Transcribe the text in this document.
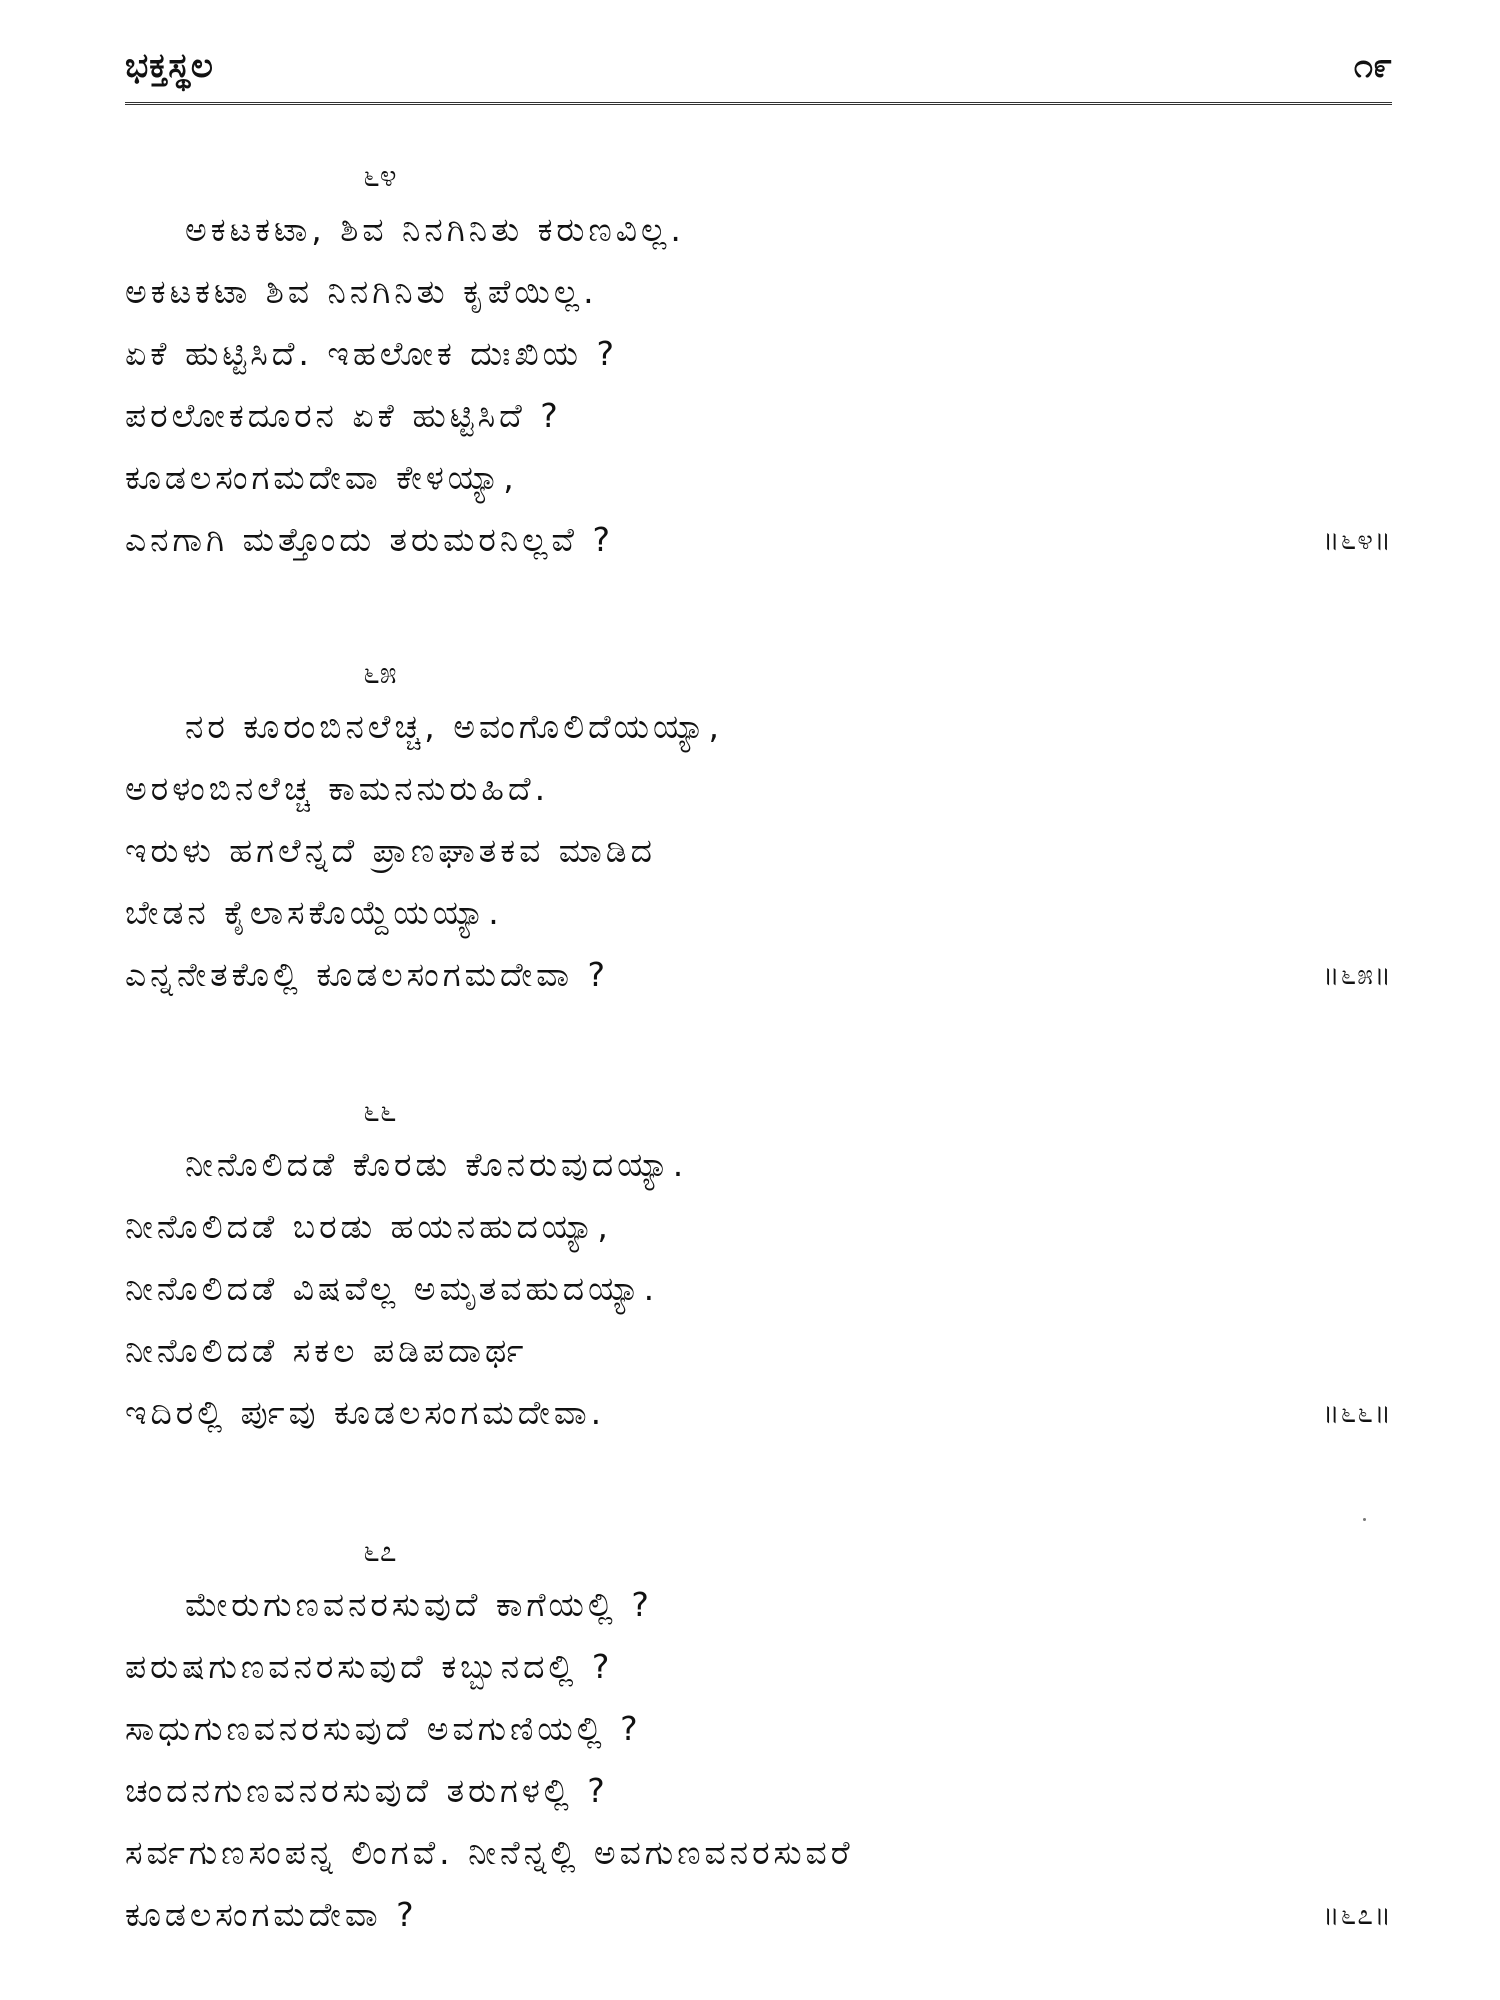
ಭಕ್ತಸ್ಥಲ	೧೯
೬೪
ಅಕಟಕಟಾ, ಶಿವ ನಿನಗಿನಿತು ಕರುಣವಿಲ್ಲ.
ಅಕಟಕಟಾ ಶಿವ ನಿನಗಿನಿತು ಕೃಪೆಯಿಲ್ಲ.
ಏಕೆ ಹುಟ್ಟಿಸಿದೆ. ಇಹಲೋಕ ದುಃಖಿಯ ?
ಪರಲೋಕದೂರನ ಏಕೆ ಹುಟ್ಟಿಸಿದೆ ?
ಕೂಡಲಸಂಗಮದೇವಾ ಕೇಳಯ್ಯಾ,
ಎನಗಾಗಿ ಮತ್ತೊಂದು ತರುಮರನಿಲ್ಲವೆ ?	॥೬೪॥
೬೫
ನರ ಕೂರಂಬಿನಲೆಚ್ಚ, ಅವಂಗೊಲಿದೆಯಯ್ಯಾ,
ಅರಳಂಬಿನಲೆಚ್ಚ ಕಾಮನನುರುಹಿದೆ.
ಇರುಳು ಹಗಲೆನ್ನದೆ ಪ್ರಾಣಘಾತಕವ ಮಾಡಿದ
ಬೇಡನ ಕೈಲಾಸಕೊಯ್ದೆಯಯ್ಯಾ.
ಎನ್ನನೇತಕೊಲ್ಲಿ ಕೂಡಲಸಂಗಮದೇವಾ ?	॥೬೫॥
೬೬
ನೀನೊಲಿದಡೆ ಕೊರಡು ಕೊನರುವುದಯ್ಯಾ.
ನೀನೊಲಿದಡೆ ಬರಡು ಹಯನಹುದಯ್ಯಾ,
ನೀನೊಲಿದಡೆ ವಿಷವೆಲ್ಲ ಅಮೃತವಹುದಯ್ಯಾ.
ನೀನೊಲಿದಡೆ ಸಕಲ ಪಡಿಪದಾರ್ಥ
ಇದಿರಲ್ಲಿ ರ್ಪುವು ಕೂಡಲಸಂಗಮದೇವಾ.	॥೬೬॥
೬೭
ಮೇರುಗುಣವನರಸುವುದೆ ಕಾಗೆಯಲ್ಲಿ ?
ಪರುಷಗುಣವನರಸುವುದೆ ಕಬ್ಬುನದಲ್ಲಿ ?
ಸಾಧುಗುಣವನರಸುವುದೆ ಅವಗುಣಿಯಲ್ಲಿ ?
ಚಂದನಗುಣವನರಸುವುದೆ ತರುಗಳಲ್ಲಿ ?
ಸರ್ವಗುಣಸಂಪನ್ನ ಲಿಂಗವೆ. ನೀನೆನ್ನಲ್ಲಿ ಅವಗುಣವನರಸುವರೆ
ಕೂಡಲಸಂಗಮದೇವಾ ?	॥೬೭॥
